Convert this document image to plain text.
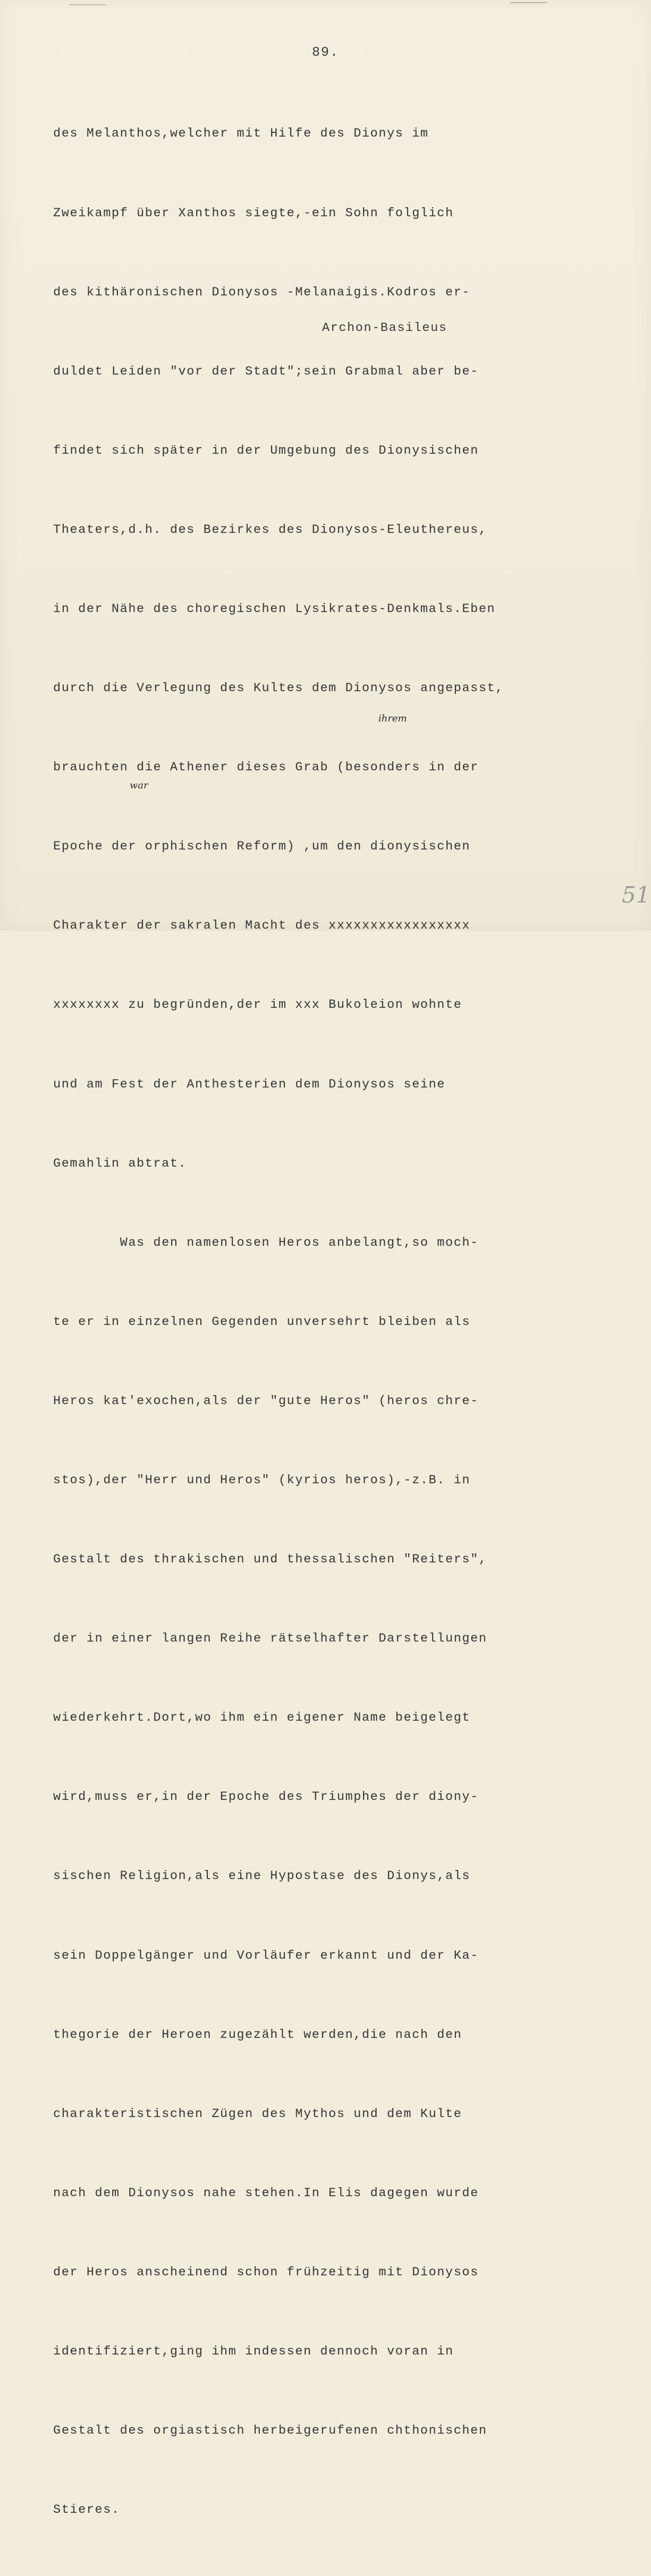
89.
Archon-Basileus
ihrem
war

des Melanthos,welcher mit Hilfe des Dionys im

Zweikampf über Xanthos siegte,-ein Sohn folglich

des kithäronischen Dionysos -Melanaigis.Kodros er-

duldet Leiden "vor der Stadt";sein Grabmal aber be-

findet sich später in der Umgebung des Dionysischen

Theaters,d.h. des Bezirkes des Dionysos-Eleuthereus,

in der Nähe des choregischen Lysikrates-Denkmals.Eben

durch die Verlegung des Kultes dem Dionysos angepasst,

brauchten die Athener dieses Grab (besonders in der

Epoche der orphischen Reform) ,um den dionysischen

Charakter der sakralen Macht des xxxxxxxxxxxxxxxxx

xxxxxxxx zu begründen,der im xxx Bukoleion wohnte

und am Fest der Anthesterien dem Dionysos seine

Gemahlin abtrat.

Was den namenlosen Heros anbelangt,so moch-

te er in einzelnen Gegenden unversehrt bleiben als

Heros kat'exochen,als der "gute Heros" (heros chre-

stos),der "Herr und Heros" (kyrios heros),-z.B. in

Gestalt des thrakischen und thessalischen "Reiters",

der in einer langen Reihe rätselhafter Darstellungen

wiederkehrt.Dort,wo ihm ein eigener Name beigelegt

wird,muss er,in der Epoche des Triumphes der diony-

sischen Religion,als eine Hypostase des Dionys,als

sein Doppelgänger und Vorläufer erkannt und der Ka-

thegorie der Heroen zugezählt werden,die nach den

charakteristischen Zügen des Mythos und dem Kulte

nach dem Dionysos nahe stehen.In Elis dagegen wurde

der Heros anscheinend schon frühzeitig mit Dionysos

identifiziert,ging ihm indessen dennoch voran in

Gestalt des orgiastisch herbeigerufenen chthonischen

Stieres.

51
